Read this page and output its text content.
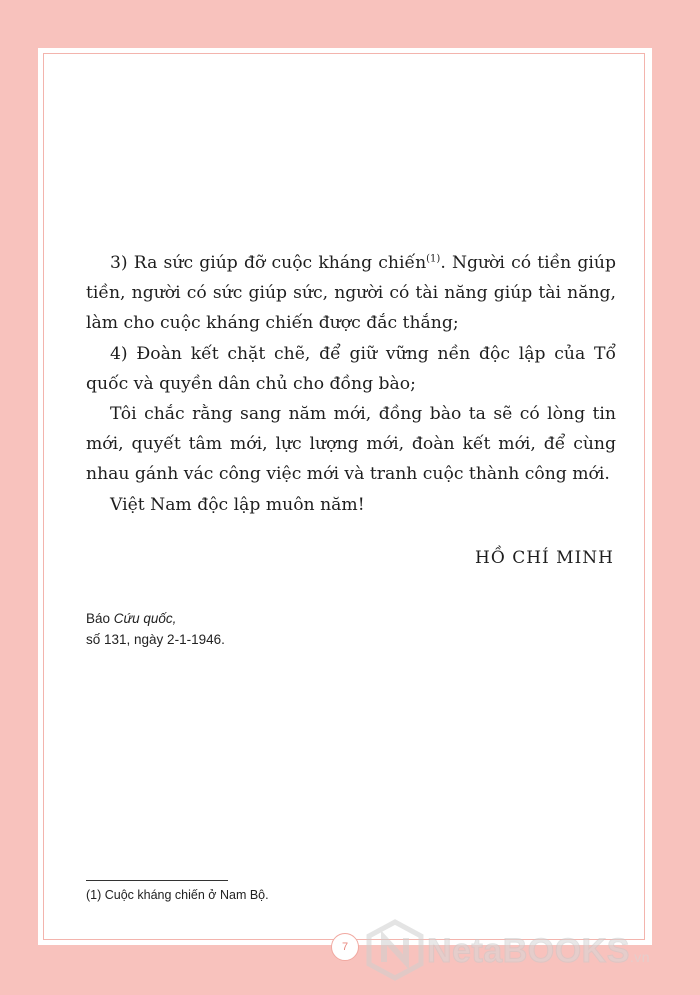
3) Ra sức giúp đỡ cuộc kháng chiến$^{(1)}$. Người có tiền giúp tiền, người có sức giúp sức, người có tài năng giúp tài năng, làm cho cuộc kháng chiến được đắc thắng;

4) Đoàn kết chặt chẽ, để giữ vững nền độc lập của Tổ quốc và quyền dân chủ cho đồng bào;

Tôi chắc rằng sang năm mới, đồng bào ta sẽ có lòng tin mới, quyết tâm mới, lực lượng mới, đoàn kết mới, để cùng nhau gánh vác công việc mới và tranh cuộc thành công mới.

Việt Nam độc lập muôn năm!

HỒ CHÍ MINH
Báo Cứu quốc,
số 131, ngày 2-1-1946.
(1) Cuộc kháng chiến ở Nam Bộ.
7	NetaBOOKS.vn
